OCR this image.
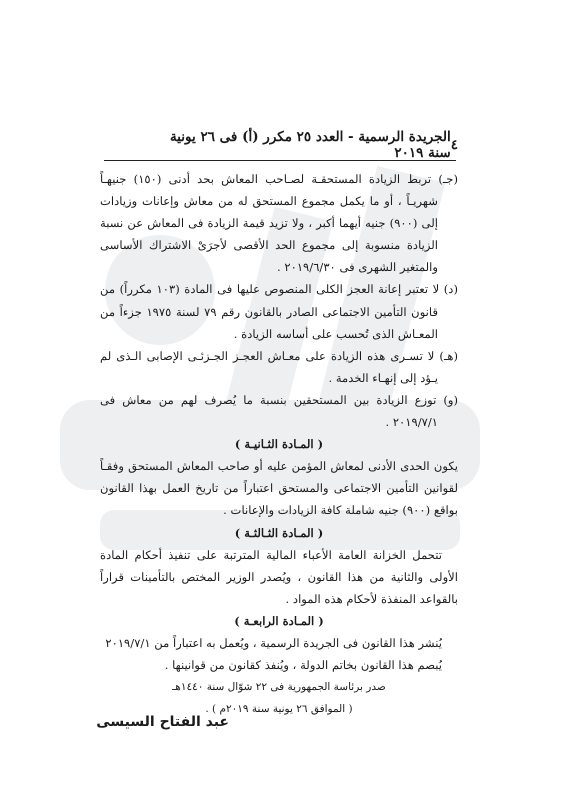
٤
الجريدة الرسمية - العدد ٢٥ مكرر (أ) فى ٢٦ يونية سنة ٢٠١٩

(جـ) تربط الزيادة المستحقـة لصـاحب المعاش بحد أدنى (١٥٠) جنيهـاً شهريـاً ، أو ما يكمل مجموع المستحق له من معاش وإعانات وزيادات إلى (٩٠٠) جنيه أيهما أكبر ، ولا تزيد قيمة الزيادة فى المعاش عن نسبة الزيادة منسوبة إلى مجموع الحد الأقصى لأجرَىْ الاشتراك الأساسى والمتغير الشهرى فى ٢٠١٩/٦/٣٠ .

(د) لا تعتبر إعانة العجز الكلى المنصوص عليها فى المادة (١٠٣ مكرراً) من قانون التأمين الاجتماعى الصادر بالقانون رقم ٧٩ لسنة ١٩٧٥ جزءاً من المعـاش الذى تُحسب على أساسه الزيادة .

(هـ) لا تسـرى هذه الزيادة على معـاش العجـز الجـزئـى الإصابى الـذى لم يـؤد إلى إنهـاء الخدمة .

(و) توزع الزيادة بين المستحقين بنسبة ما يُصرف لهم من معاش فى ٢٠١٩/٧/١ .

( المـادة الثـانيـة )

يكون الحدى الأدنى لمعاش المؤمن عليه أو صاحب المعاش المستحق وفقـاً لقوانين التأمين الاجتماعى والمستحق اعتباراً من تاريخ العمل بهذا القانون بواقع (٩٠٠) جنيه شاملة كافة الزيادات والإعانات .

( المـادة الثـالثـة )

تتحمل الخزانة العامة الأعباء المالية المترتبة على تنفيذ أحكام المادة الأولى والثانية من هذا القانون ، ويُصدر الوزير المختص بالتأمينات قراراً بالقواعد المنفذة لأحكام هذه المواد .

( المـادة الرابعـة )

يُنشر هذا القانون فى الجريدة الرسمية ، ويُعمل به اعتباراً من ٢٠١٩/٧/١

يُبصم هذا القانون بخاتم الدولة ، ويُنفذ كقانون من قوانينها .

صدر برئاسة الجمهورية فى ٢٢ شوّال سنة ١٤٤٠هـ

( الموافق ٢٦ يونية سنة ٢٠١٩م ) .

عبد الفتاح السيسى
